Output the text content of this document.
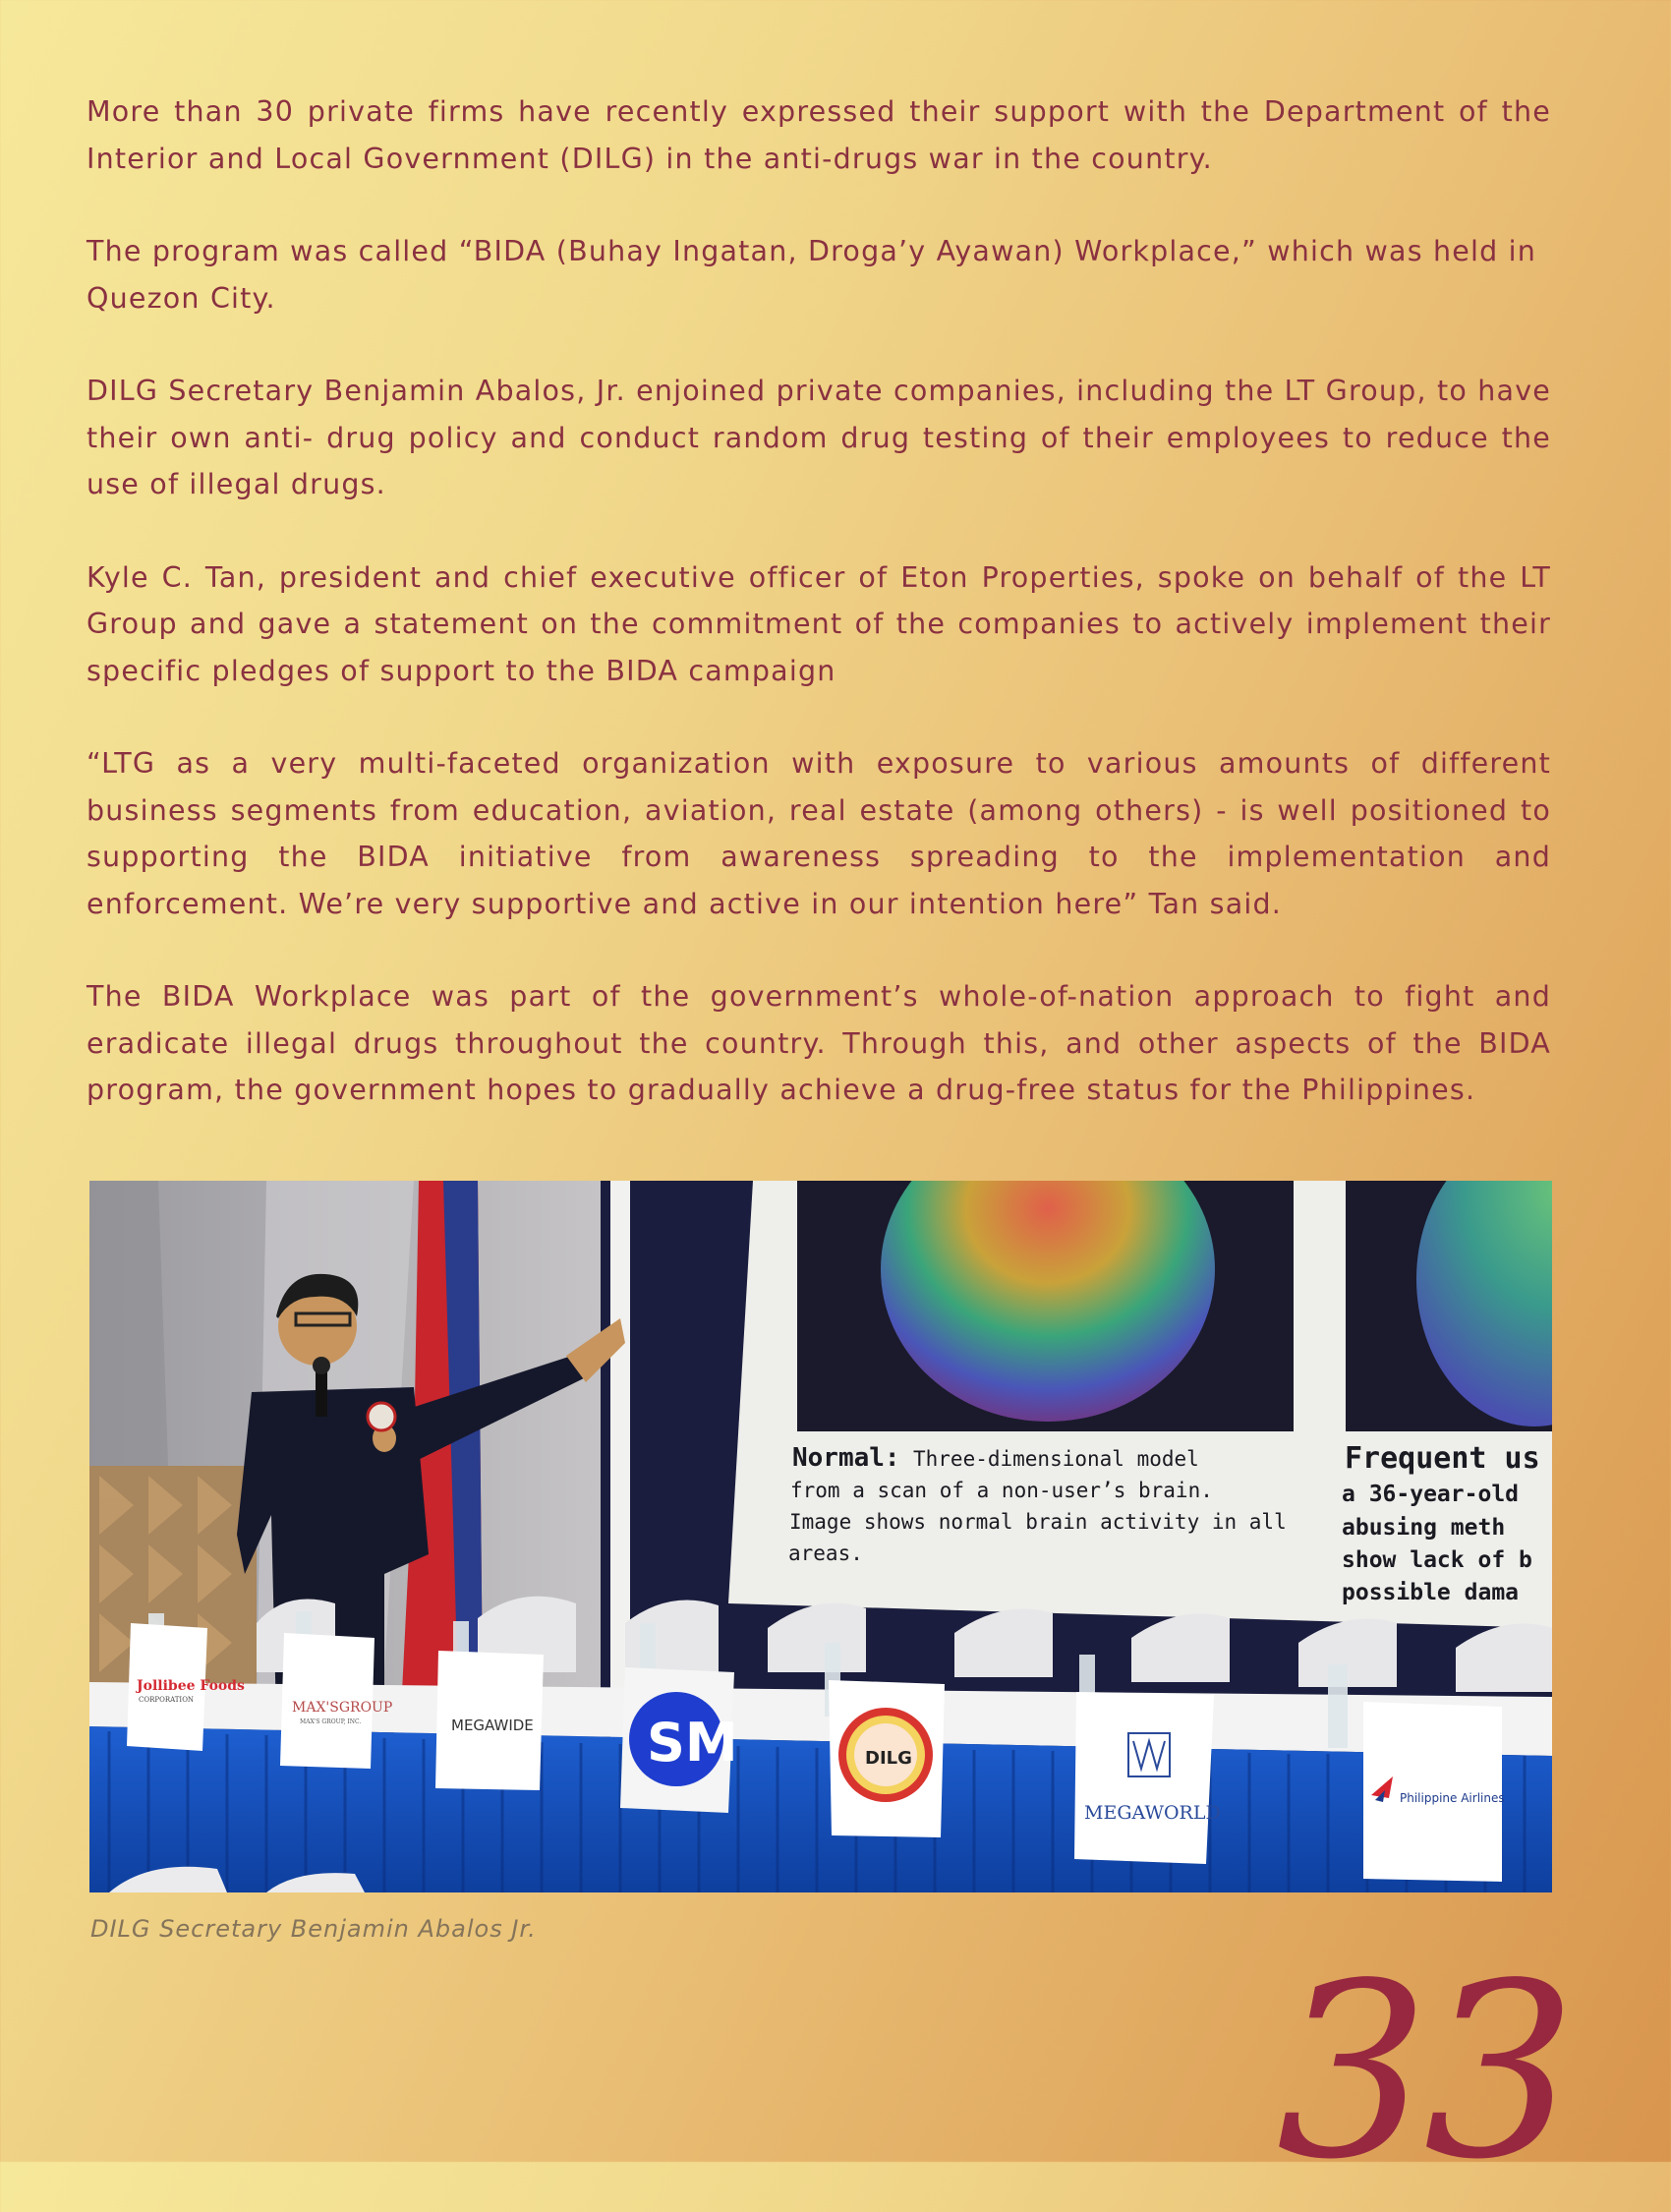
More than 30 private firms have recently expressed their support with the Department of the Interior and Local Government (DILG) in the anti-drugs war in the country.

The program was called “BIDA (Buhay Ingatan, Droga’y Ayawan) Workplace,” which was held in Quezon City.

DILG Secretary Benjamin Abalos, Jr. enjoined private companies, including the LT Group, to have their own anti- drug policy and conduct random drug testing of their employees to reduce the use of illegal drugs.

Kyle C. Tan, president and chief executive officer of Eton Properties, spoke on behalf of the LT Group and gave a statement on the commitment of the companies to actively implement their specific pledges of support to the BIDA campaign

“LTG as a very multi-faceted organization with exposure to various amounts of different business segments from education, aviation, real estate (among others) - is well positioned to supporting the BIDA initiative from awareness spreading to the implementation and enforcement. We’re very supportive and active in our intention here” Tan said.

The BIDA Workplace was part of the government’s whole-of-nation approach to fight and eradicate illegal drugs throughout the country. Through this, and other aspects of the BIDA program, the government hopes to gradually achieve a drug-free status for the Philippines.

Normal: Three-dimensional model
from a scan of a non-user’s brain.
Image shows normal brain activity in all
areas.
Frequent us
a 36-year-old
abusing meth
show lack of b
possible dama
Jollibee Foods
CORPORATION	MAX'SGROUP
MAX'S GROUP, INC.	MEGAWIDE SM	DILG
MEGAWORLD
Philippine Airlines
DILG Secretary Benjamin Abalos Jr.
33
